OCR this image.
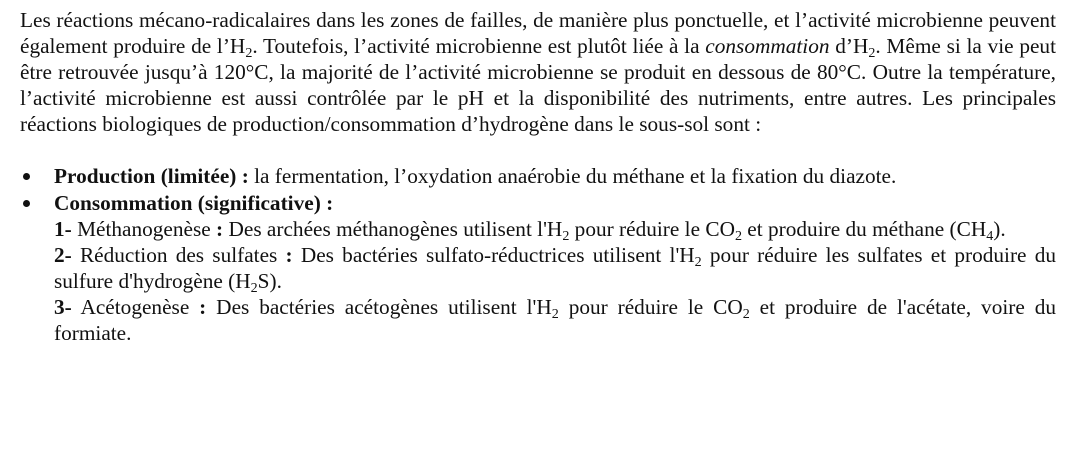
Les réactions mécano-radicalaires dans les zones de failles, de manière plus ponctuelle, et l’activité microbienne peuvent également produire de $l’H_2$. Toutefois, l’activité microbienne est plutôt liée à la consommation $d’H_2$. Même si la vie peut être retrouvée jusqu’à 120°C, la majorité de l’activité microbienne se produit en dessous de 80°C. Outre la température, l’activité microbienne est aussi contrôlée par le pH et la disponibilité des nutriments, entre autres. Les principales réactions biologiques de production/consommation d’hydrogène dans le sous-sol sont :

Production (limitée) : la fermentation, l’oxydation anaérobie du méthane et la fixation du diazote.
Consommation (significative) :

1- Méthanogenèse : Des archées méthanogènes utilisent $l'H_2$ pour réduire le $CO_2$ et produire du méthane $(CH_4)$.

2- Réduction des sulfates : Des bactéries sulfato-réductrices utilisent $l'H_2$ pour réduire les sulfates et produire du sulfure d'hydrogène $(H_2S)$.

3- Acétogenèse : Des bactéries acétogènes utilisent $l'H_2$ pour réduire le $CO_2$ et produire de l'acétate, voire du formiate.
